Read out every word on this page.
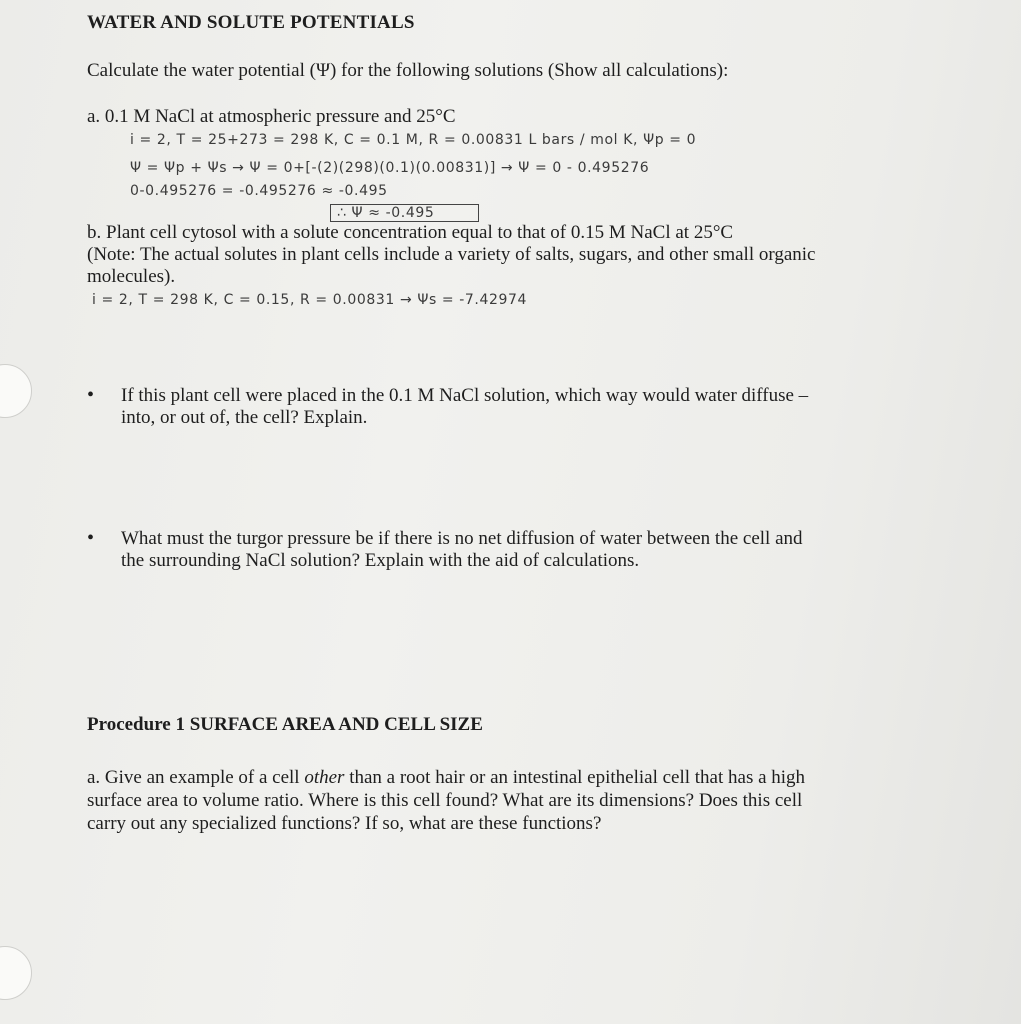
WATER AND SOLUTE POTENTIALS

Calculate the water potential (Ψ) for the following solutions (Show all calculations):

a. 0.1 M NaCl at atmospheric pressure and 25°C

i = 2, T = 25+273 = 298 K, C = 0.1 M, R = 0.00831 L bars / mol K, Ψp = 0

Ψ = Ψp + Ψs → Ψ = 0+[-(2)(298)(0.1)(0.00831)] → Ψ = 0 - 0.495276

0-0.495276 = -0.495276 ≈ -0.495

∴ Ψ ≈ -0.495

b. Plant cell cytosol with a solute concentration equal to that of 0.15 M NaCl at 25°C

(Note: The actual solutes in plant cells include a variety of salts, sugars, and other small organic

molecules).

i = 2, T = 298 K, C = 0.15, R = 0.00831 → Ψs = -7.42974

• If this plant cell were placed in the 0.1 M NaCl solution, which way would water diffuse –

into, or out of, the cell? Explain.

• What must the turgor pressure be if there is no net diffusion of water between the cell and

the surrounding NaCl solution? Explain with the aid of calculations.

Procedure 1 SURFACE AREA AND CELL SIZE

a. Give an example of a cell other than a root hair or an intestinal epithelial cell that has a high

surface area to volume ratio. Where is this cell found? What are its dimensions? Does this cell

carry out any specialized functions? If so, what are these functions?
